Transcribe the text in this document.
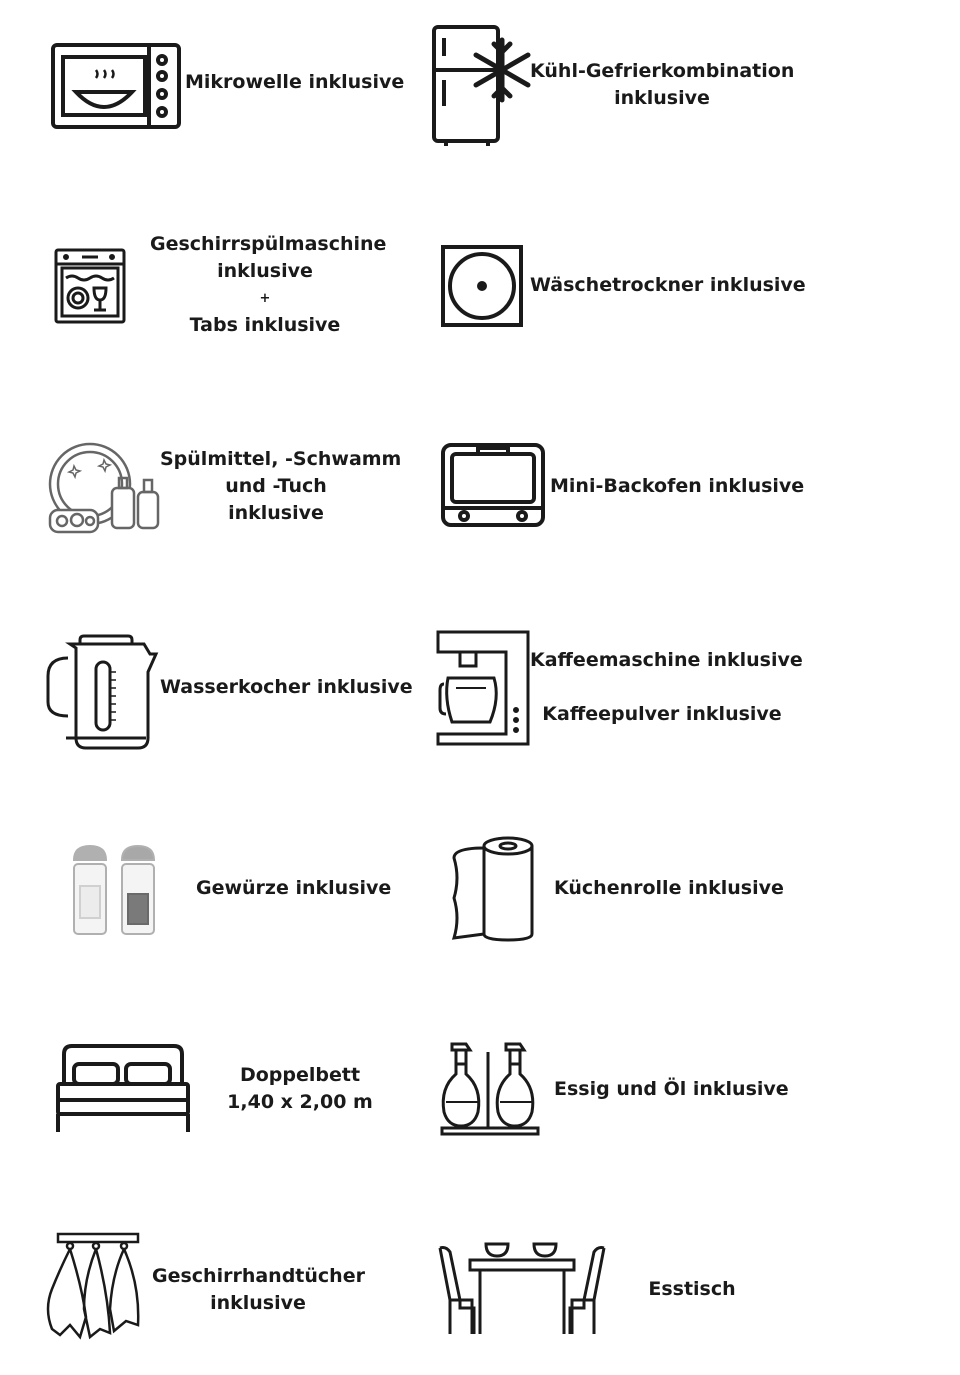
Mikrowelle inklusive	Kühl-Gefrierkombination
inklusive
Geschirrspülmaschine
inklusive
+
Tabs inklusive
Wäschetrockner inklusive
Spülmittel, -Schwamm
und -Tuch
inklusive
Mini-Backofen inklusive
Wasserkocher inklusive
Kaffeemaschine inklusive
Kaffeepulver inklusive
Gewürze inklusive	Küchenrolle inklusive
Doppelbett
1,40 x 2,00 m
Essig und Öl inklusive
Geschirrhandtücher
inklusive
Esstisch
